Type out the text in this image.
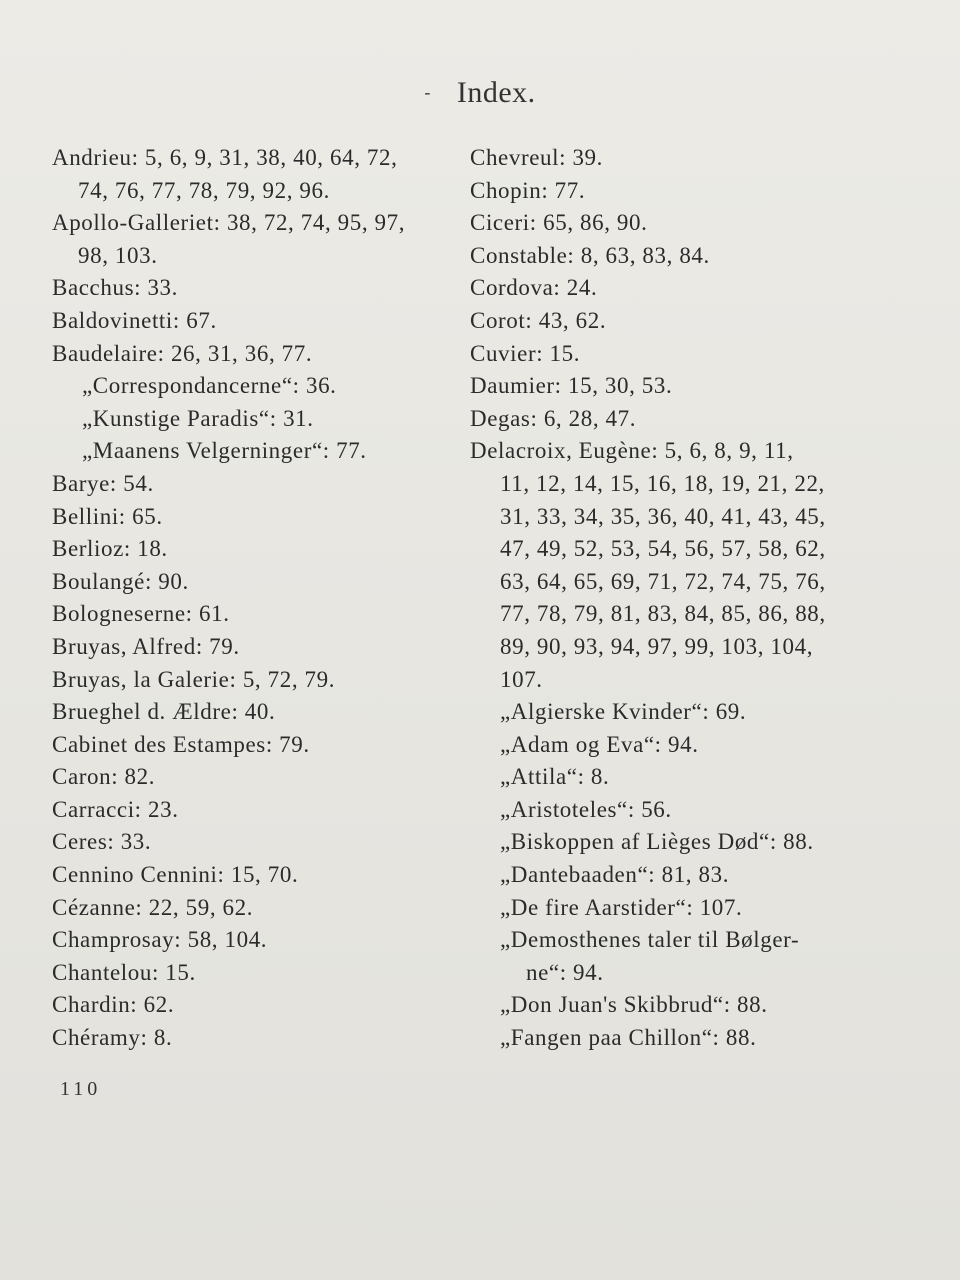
‐ Index.
Andrieu: 5, 6, 9, 31, 38, 40, 64, 72,
74, 76, 77, 78, 79, 92, 96.
Apollo-Galleriet: 38, 72, 74, 95, 97,
98, 103.
Bacchus: 33.
Baldovinetti: 67.
Baudelaire: 26, 31, 36, 77.
„Correspondancerne“: 36.
„Kunstige Paradis“: 31.
„Maanens Velgerninger“: 77.
Barye: 54.
Bellini: 65.
Berlioz: 18.
Boulangé: 90.
Bologneserne: 61.
Bruyas, Alfred: 79.
Bruyas, la Galerie: 5, 72, 79.
Brueghel d. Ældre: 40.
Cabinet des Estampes: 79.
Caron: 82.
Carracci: 23.
Ceres: 33.
Cennino Cennini: 15, 70.
Cézanne: 22, 59, 62.
Champrosay: 58, 104.
Chantelou: 15.
Chardin: 62.
Chéramy: 8.
Chevreul: 39.
Chopin: 77.
Ciceri: 65, 86, 90.
Constable: 8, 63, 83, 84.
Cordova: 24.
Corot: 43, 62.
Cuvier: 15.
Daumier: 15, 30, 53.
Degas: 6, 28, 47.
Delacroix, Eugène: 5, 6, 8, 9, 11,
11, 12, 14, 15, 16, 18, 19, 21, 22,
31, 33, 34, 35, 36, 40, 41, 43, 45,
47, 49, 52, 53, 54, 56, 57, 58, 62,
63, 64, 65, 69, 71, 72, 74, 75, 76,
77, 78, 79, 81, 83, 84, 85, 86, 88,
89, 90, 93, 94, 97, 99, 103, 104,
107.
„Algierske Kvinder“: 69.
„Adam og Eva“: 94.
„Attila“: 8.
„Aristoteles“: 56.
„Biskoppen af Lièges Død“: 88.
„Dantebaaden“: 81, 83.
„De fire Aarstider“: 107.
„Demosthenes taler til Bølger-
ne“: 94.
„Don Juan's Skibbrud“: 88.
„Fangen paa Chillon“: 88.
110
